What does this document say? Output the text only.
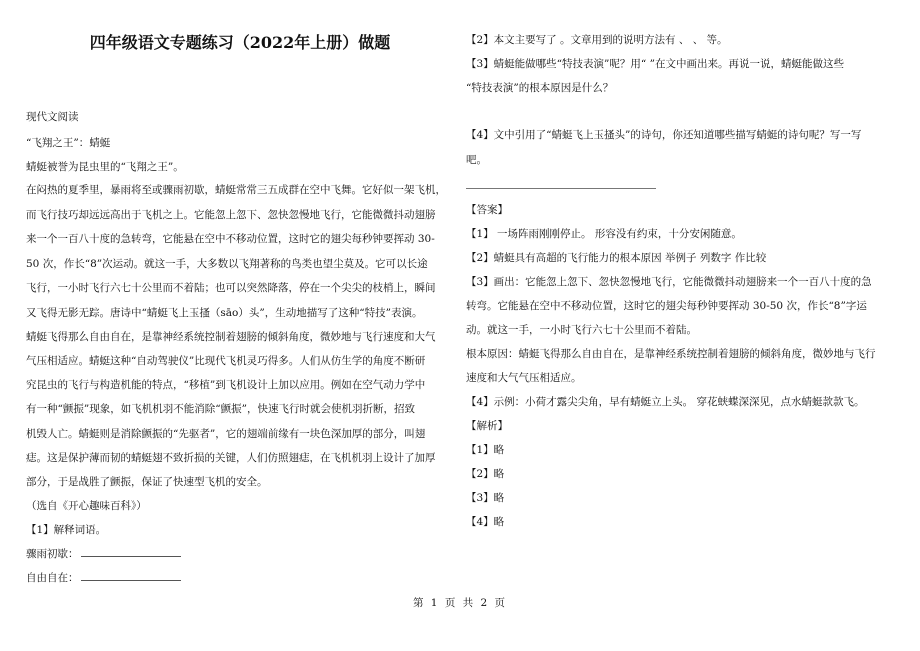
四年级语文专题练习（2022年上册）做题
现代文阅读
“飞翔之王”：蜻蜓
蜻蜓被誉为昆虫里的“飞翔之王”。
在闷热的夏季里，暴雨将至或骤雨初歇，蜻蜓常常三五成群在空中飞舞。它好似一架飞机，
而飞行技巧却远远高出于飞机之上。它能忽上忽下、忽快忽慢地飞行，它能微微抖动翅膀
来一个一百八十度的急转弯，它能悬在空中不移动位置，这时它的翅尖每秒钟要挥动 30-
50 次，作长“8”次运动。就这一手，大多数以飞翔著称的鸟类也望尘莫及。它可以长途
飞行，一小时飞行六七十公里而不着陆；也可以突然降落，停在一个尖尖的枝梢上，瞬间
又飞得无影无踪。唐诗中“蜻蜓飞上玉搔（sāo）头”，生动地描写了这种“特技”表演。
蜻蜓飞得那么自由自在，是靠神经系统控制着翅膀的倾斜角度，微妙地与飞行速度和大气
气压相适应。蜻蜓这种“自动驾驶仪”比现代飞机灵巧得多。人们从仿生学的角度不断研
究昆虫的飞行与构造机能的特点，“移植”到飞机设计上加以应用。例如在空气动力学中
有一种“颤振”现象，如飞机机羽不能消除“颤振”，快速飞行时就会使机羽折断，招致
机毁人亡。蜻蜓则是消除颤振的“先驱者”，它的翅端前缘有一块色深加厚的部分，叫翅
痣。这是保护薄而韧的蜻蜓翅不致折损的关键，人们仿照翅痣，在飞机机羽上设计了加厚
部分，于是战胜了颤振，保证了快速型飞机的安全。
（选自《开心趣味百科》）
【1】解释词语。
骤雨初歇：
自由自在：
【2】本文主要写了 。文章用到的说明方法有 、 、 等。
【3】蜻蜓能做哪些“特技表演”呢？用“ ”在文中画出来。再说一说，蜻蜓能做这些
“特技表演”的根本原因是什么？
【4】文中引用了“蜻蜓飞上玉搔头”的诗句，你还知道哪些描写蜻蜓的诗句呢？写一写
吧。
【答案】
【1】 一场阵雨刚刚停止。 形容没有约束，十分安闲随意。
【2】蜻蜓具有高超的飞行能力的根本原因 举例子 列数字 作比较
【3】画出：它能忽上忽下、忽快忽慢地飞行，它能微微抖动翅膀来一个一百八十度的急
转弯。它能悬在空中不移动位置，这时它的翅尖每秒钟要挥动 30-50 次，作长“8”字运
动。就这一手，一小时飞行六七十公里而不着陆。
根本原因：蜻蜓飞得那么自由自在，是靠神经系统控制着翅膀的倾斜角度，微妙地与飞行
速度和大气气压相适应。
【4】示例：小荷才露尖尖角，早有蜻蜓立上头。 穿花蛱蝶深深见，点水蜻蜓款款飞。
【解析】
【1】略
【2】略
【3】略
【4】略
第 1 页 共 2 页
